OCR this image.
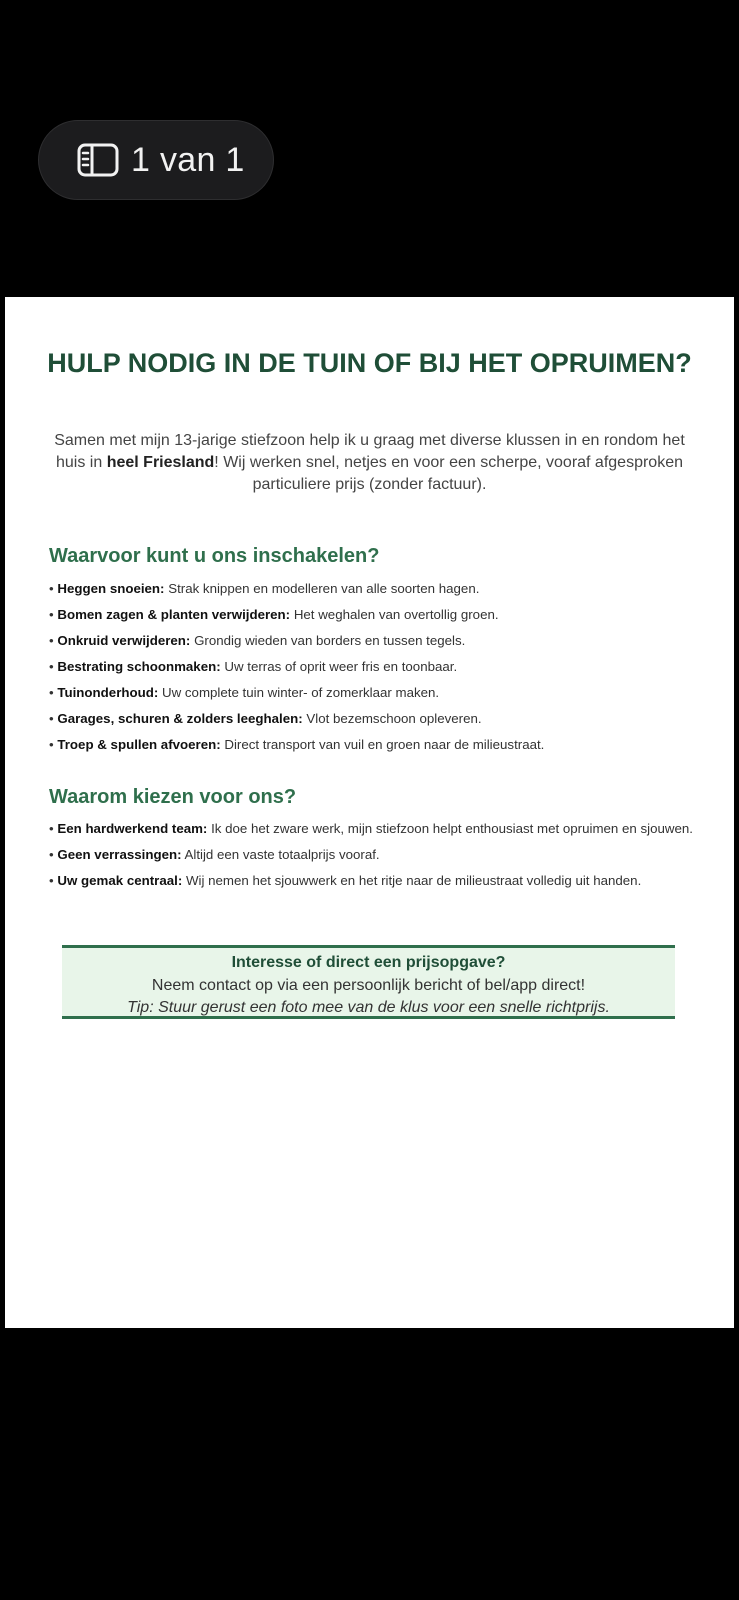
1 van 1
HULP NODIG IN DE TUIN OF BIJ HET OPRUIMEN?

Samen met mijn 13-jarige stiefzoon help ik u graag met diverse klussen in en rondom het huis in heel Friesland! Wij werken snel, netjes en voor een scherpe, vooraf afgesproken particuliere prijs (zonder factuur).

Waarvoor kunt u ons inschakelen?
• Heggen snoeien: Strak knippen en modelleren van alle soorten hagen.
• Bomen zagen & planten verwijderen: Het weghalen van overtollig groen.
• Onkruid verwijderen: Grondig wieden van borders en tussen tegels.
• Bestrating schoonmaken: Uw terras of oprit weer fris en toonbaar.
• Tuinonderhoud: Uw complete tuin winter- of zomerklaar maken.
• Garages, schuren & zolders leeghalen: Vlot bezemschoon opleveren.
• Troep & spullen afvoeren: Direct transport van vuil en groen naar de milieustraat.
Waarom kiezen voor ons?
• Een hardwerkend team: Ik doe het zware werk, mijn stiefzoon helpt enthousiast met opruimen en sjouwen.
• Geen verrassingen: Altijd een vaste totaalprijs vooraf.
• Uw gemak centraal: Wij nemen het sjouwwerk en het ritje naar de milieustraat volledig uit handen.

Interesse of direct een prijsopgave?

Neem contact op via een persoonlijk bericht of bel/app direct!

Tip: Stuur gerust een foto mee van de klus voor een snelle richtprijs.
